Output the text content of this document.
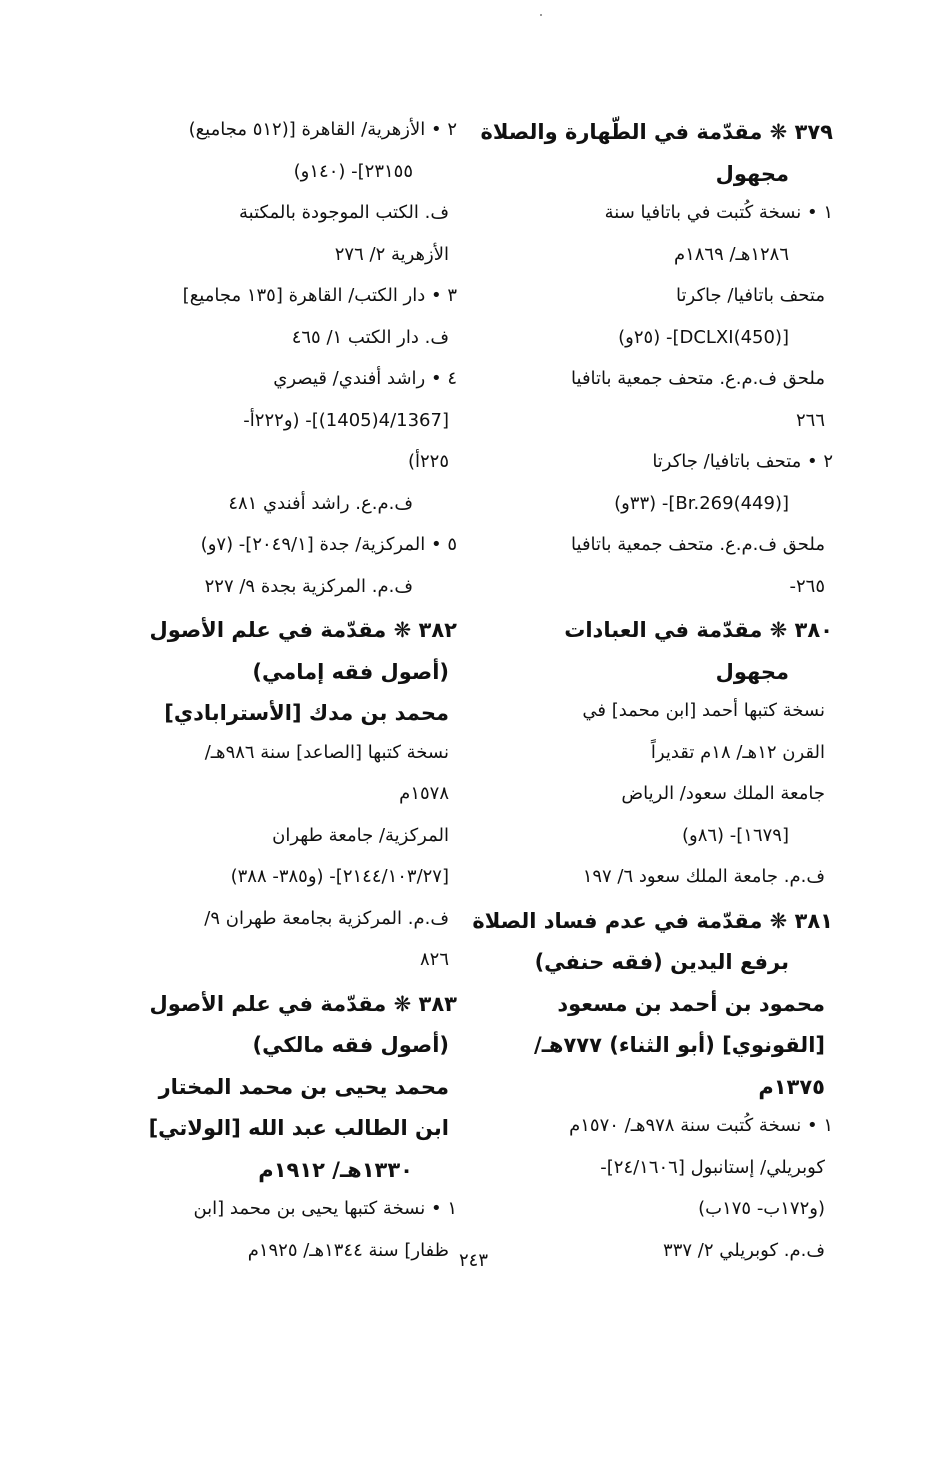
٣٧٩ ❋ مقدّمة في الطّهارة والصلاة
مجهول
١ • نسخة كُتبت في باتافيا سنة
١٢٨٦هـ/ ١٨٦٩م
متحف باتافيا/ جاكرتا
[DCLXI(450)]- (٢٥و)
ملحق ف.م.ع. متحف جمعية باتافيا
٢٦٦
٢ • متحف باتافيا/ جاكرتا
[Br.269(449)]- (٣٣و)
ملحق ف.م.ع. متحف جمعية باتافيا
٢٦٥-
٣٨٠ ❋ مقدّمة في العبادات
مجهول
نسخة كتبها أحمد [ابن محمد] في
القرن ١٢هـ/ ١٨م تقديراً
جامعة الملك سعود/ الرياض
[١٦٧٩]- (٨٦و)
ف.م. جامعة الملك سعود ٦/ ١٩٧
٣٨١ ❋ مقدّمة في عدم فساد الصلاة
برفع اليدين (فقه حنفي)
محمود بن أحمد بن مسعود
[القونوي] (أبو الثناء) ٧٧٧هـ/
١٣٧٥م
١ • نسخة كُتبت سنة ٩٧٨هـ/ ١٥٧٠م
كوبريلي/ إستانبول [٢٤/١٦٠٦]-
(و١٧٢ب- ١٧٥ب)
ف.م. كوبريلي ٢/ ٣٣٧
٢ • الأزهرية/ القاهرة [(٥١٢ مجاميع)
٢٣١٥٥]- (١٤٠و)
ف. الكتب الموجودة بالمكتبة
الأزهرية ٢/ ٢٧٦
٣ • دار الكتب/ القاهرة [١٣٥ مجاميع]
ف. دار الكتب ١/ ٤٦٥
٤ • راشد أفندي/ قيصري
[4/1367(1405)]- (و٢٢٢أ-
٢٢٥أ)
ف.م.ع. راشد أفندي ٤٨١
٥ • المركزية/ جدة [٢٠٤٩/١]- (٧و)
ف.م. المركزية بجدة ٩/ ٢٢٧
٣٨٢ ❋ مقدّمة في علم الأصول
(أصول فقه إمامي)
محمد بن مدك [الأسترابادي]
نسخة كتبها [الصاعد] سنة ٩٨٦هـ/
١٥٧٨م
المركزية/ جامعة طهران
[٢١٤٤/١٠٣/٢٧]- (و٣٨٥- ٣٨٨)
ف.م. المركزية بجامعة طهران ٩/
٨٢٦
٣٨٣ ❋ مقدّمة في علم الأصول
(أصول فقه مالكي)
محمد يحيى بن محمد المختار
ابن الطالب عبد الله [الولاتي]
١٣٣٠هـ/ ١٩١٢م
١ • نسخة كتبها يحيى بن محمد [ابن
ظفار] سنة ١٣٤٤هـ/ ١٩٢٥م ٢٤٣
